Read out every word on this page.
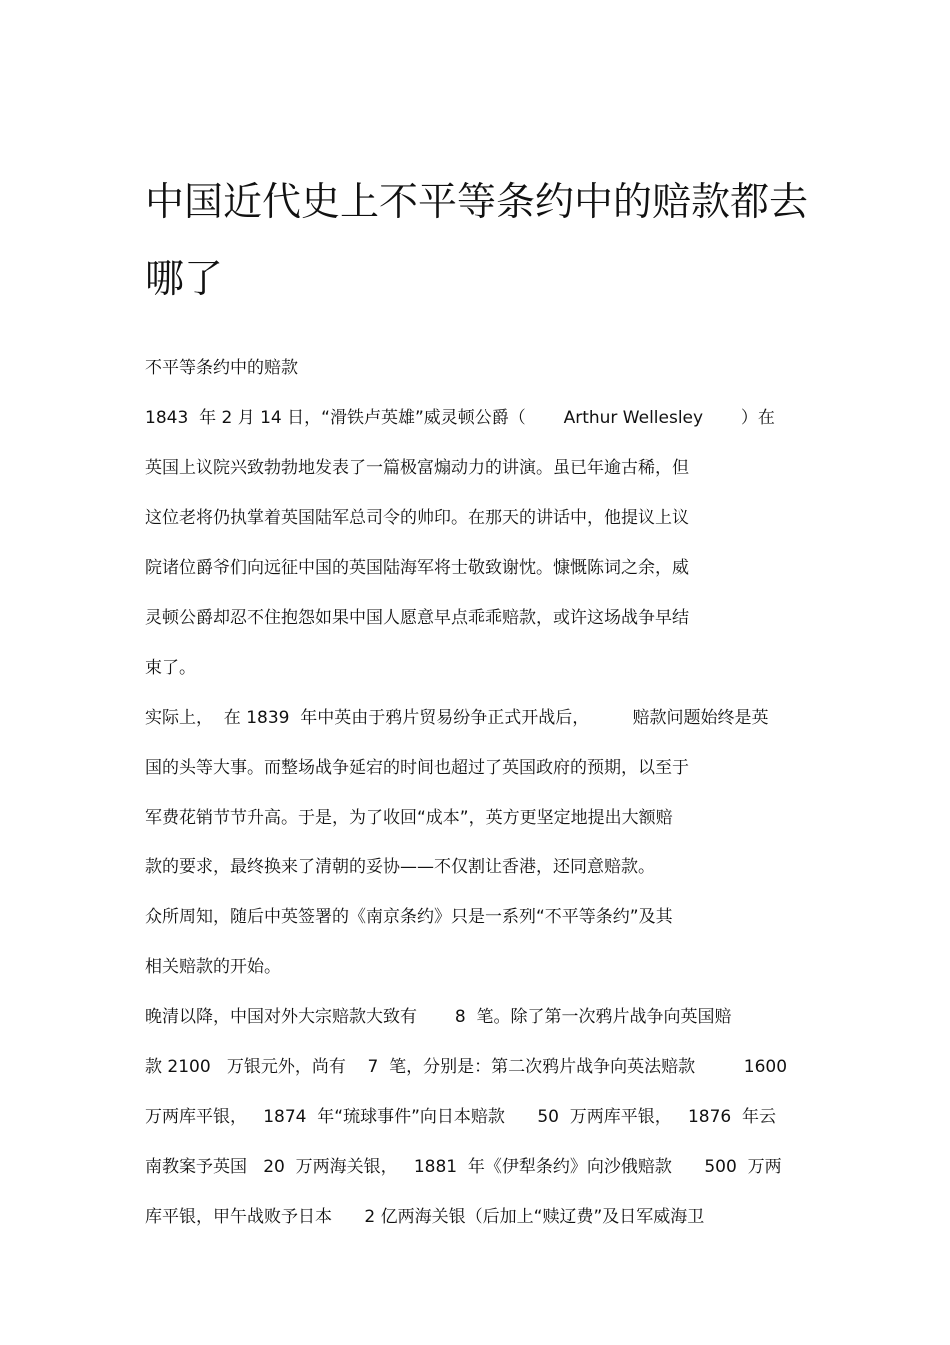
中国近代史上不平等条约中的赔款都去
哪了

不平等条约中的赔款

1843  年 2 月 14 日，“滑铁卢英雄”威灵顿公爵（       Arthur Wellesley       ）在

英国上议院兴致勃勃地发表了一篇极富煽动力的讲演。虽已年逾古稀，但

这位老将仍执掌着英国陆军总司令的帅印。在那天的讲话中，他提议上议

院诸位爵爷们向远征中国的英国陆海军将士敬致谢忱。慷慨陈词之余，威

灵顿公爵却忍不住抱怨如果中国人愿意早点乖乖赔款，或许这场战争早结

束了。

实际上，  在 1839  年中英由于鸦片贸易纷争正式开战后，        赔款问题始终是英

国的头等大事。而整场战争延宕的时间也超过了英国政府的预期，以至于

军费花销节节升高。于是，为了收回“成本”，英方更坚定地提出大额赔

款的要求，最终换来了清朝的妥协——不仅割让香港，还同意赔款。

众所周知，随后中英签署的《南京条约》只是一系列“不平等条约”及其

相关赔款的开始。

晚清以降，中国对外大宗赔款大致有       8  笔。除了第一次鸦片战争向英国赔

款 2100   万银元外，尚有    7  笔，分别是：第二次鸦片战争向英法赔款         1600

万两库平银，   1874  年“琉球事件”向日本赔款      50  万两库平银，   1876  年云

南教案予英国   20  万两海关银，   1881  年《伊犁条约》向沙俄赔款      500  万两

库平银，甲午战败予日本      2 亿两海关银（后加上“赎辽费”及日军威海卫
